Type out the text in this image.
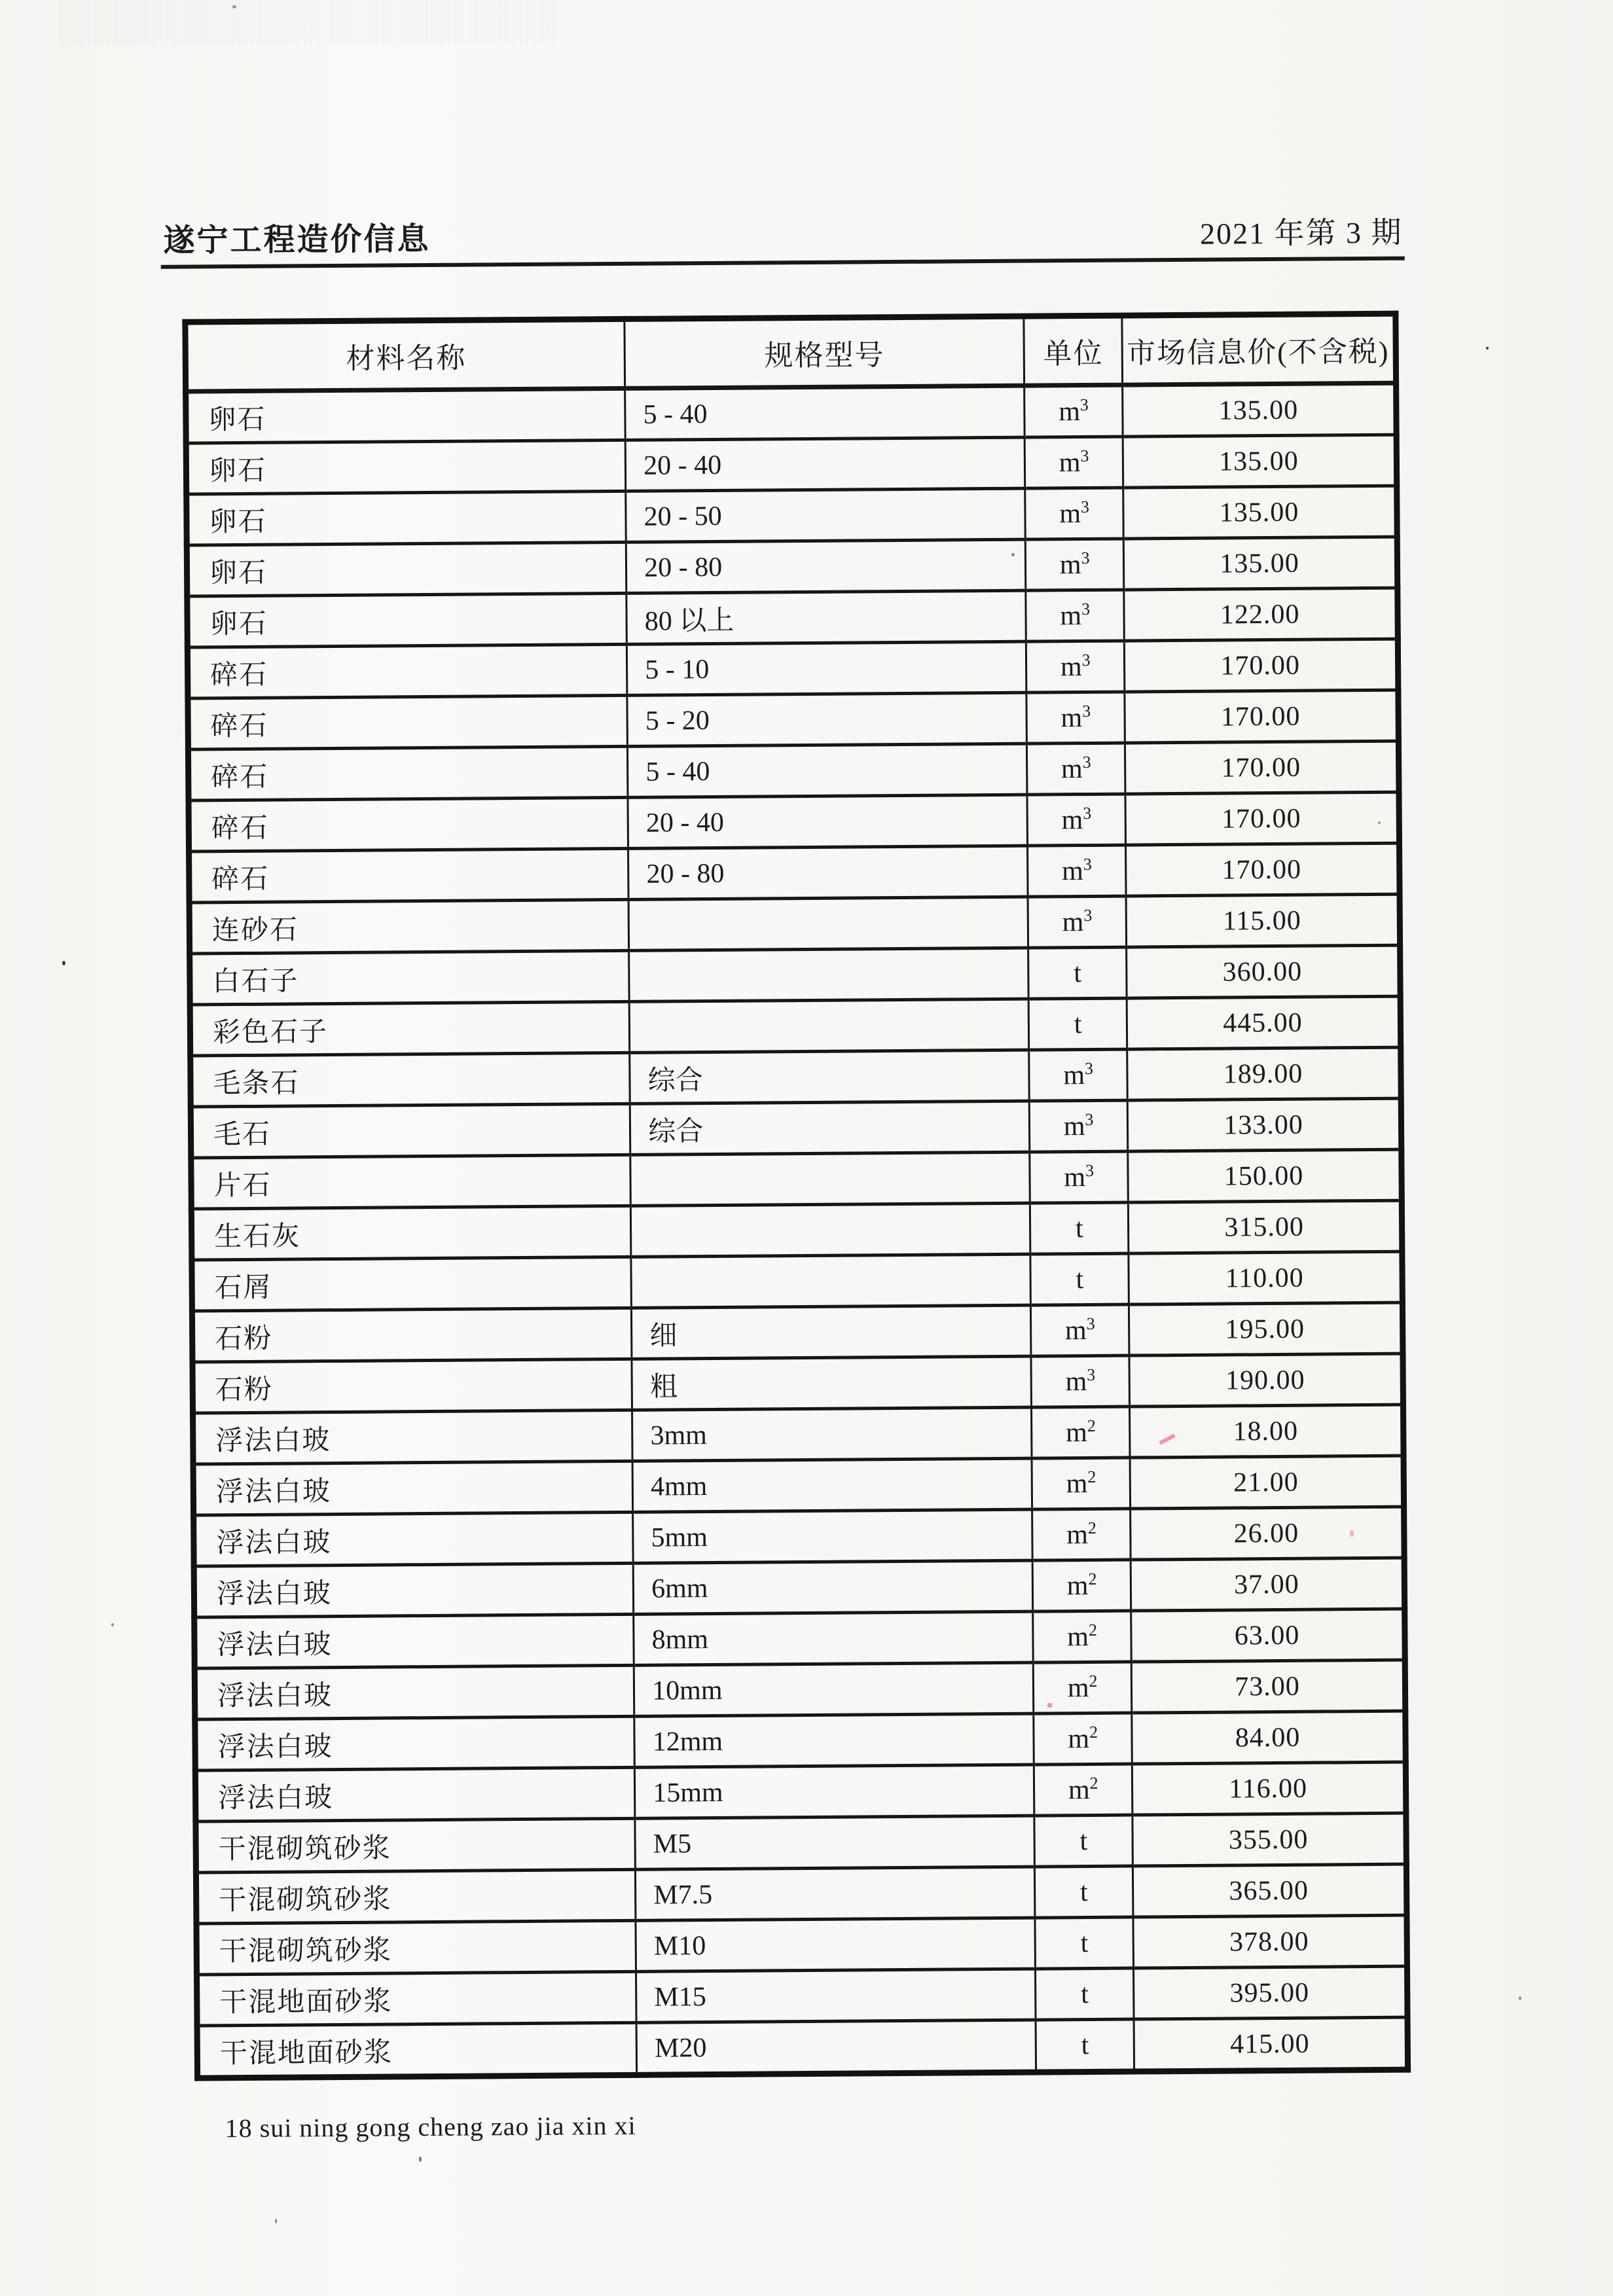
遂宁工程造价信息	2021 年第 3 期
材料名称	规格型号	单位	市场信息价(不含税)
卵石	5 - 40	$m^3$	135.00
卵石	20 - 40	$m^3$	135.00
卵石	20 - 50	$m^3$	135.00
卵石	20 - 80	$m^3$	135.00
卵石	80 以上	$m^3$	122.00
碎石	5 - 10	$m^3$	170.00
碎石	5 - 20	$m^3$	170.00
碎石	5 - 40	$m^3$	170.00
碎石	20 - 40	$m^3$	170.00
碎石	20 - 80	$m^3$	170.00
连砂石		$m^3$	115.00
白石子		t	360.00
彩色石子		t	445.00
毛条石	综合	$m^3$	189.00
毛石	综合	$m^3$	133.00
片石		$m^3$	150.00
生石灰		t	315.00
石屑		t	110.00
石粉	细	$m^3$	195.00
石粉	粗	$m^3$	190.00
浮法白玻	3mm	$m^2$	18.00
浮法白玻	4mm	$m^2$	21.00
浮法白玻	5mm	$m^2$	26.00
浮法白玻	6mm	$m^2$	37.00
浮法白玻	8mm	$m^2$	63.00
浮法白玻	10mm	$m^2$	73.00
浮法白玻	12mm	$m^2$	84.00
浮法白玻	15mm	$m^2$	116.00
干混砌筑砂浆	M5	t	355.00
干混砌筑砂浆	M7.5	t	365.00
干混砌筑砂浆	M10	t	378.00
干混地面砂浆	M15	t	395.00
干混地面砂浆	M20	t	415.00
18 sui ning gong cheng zao jia xin xi
